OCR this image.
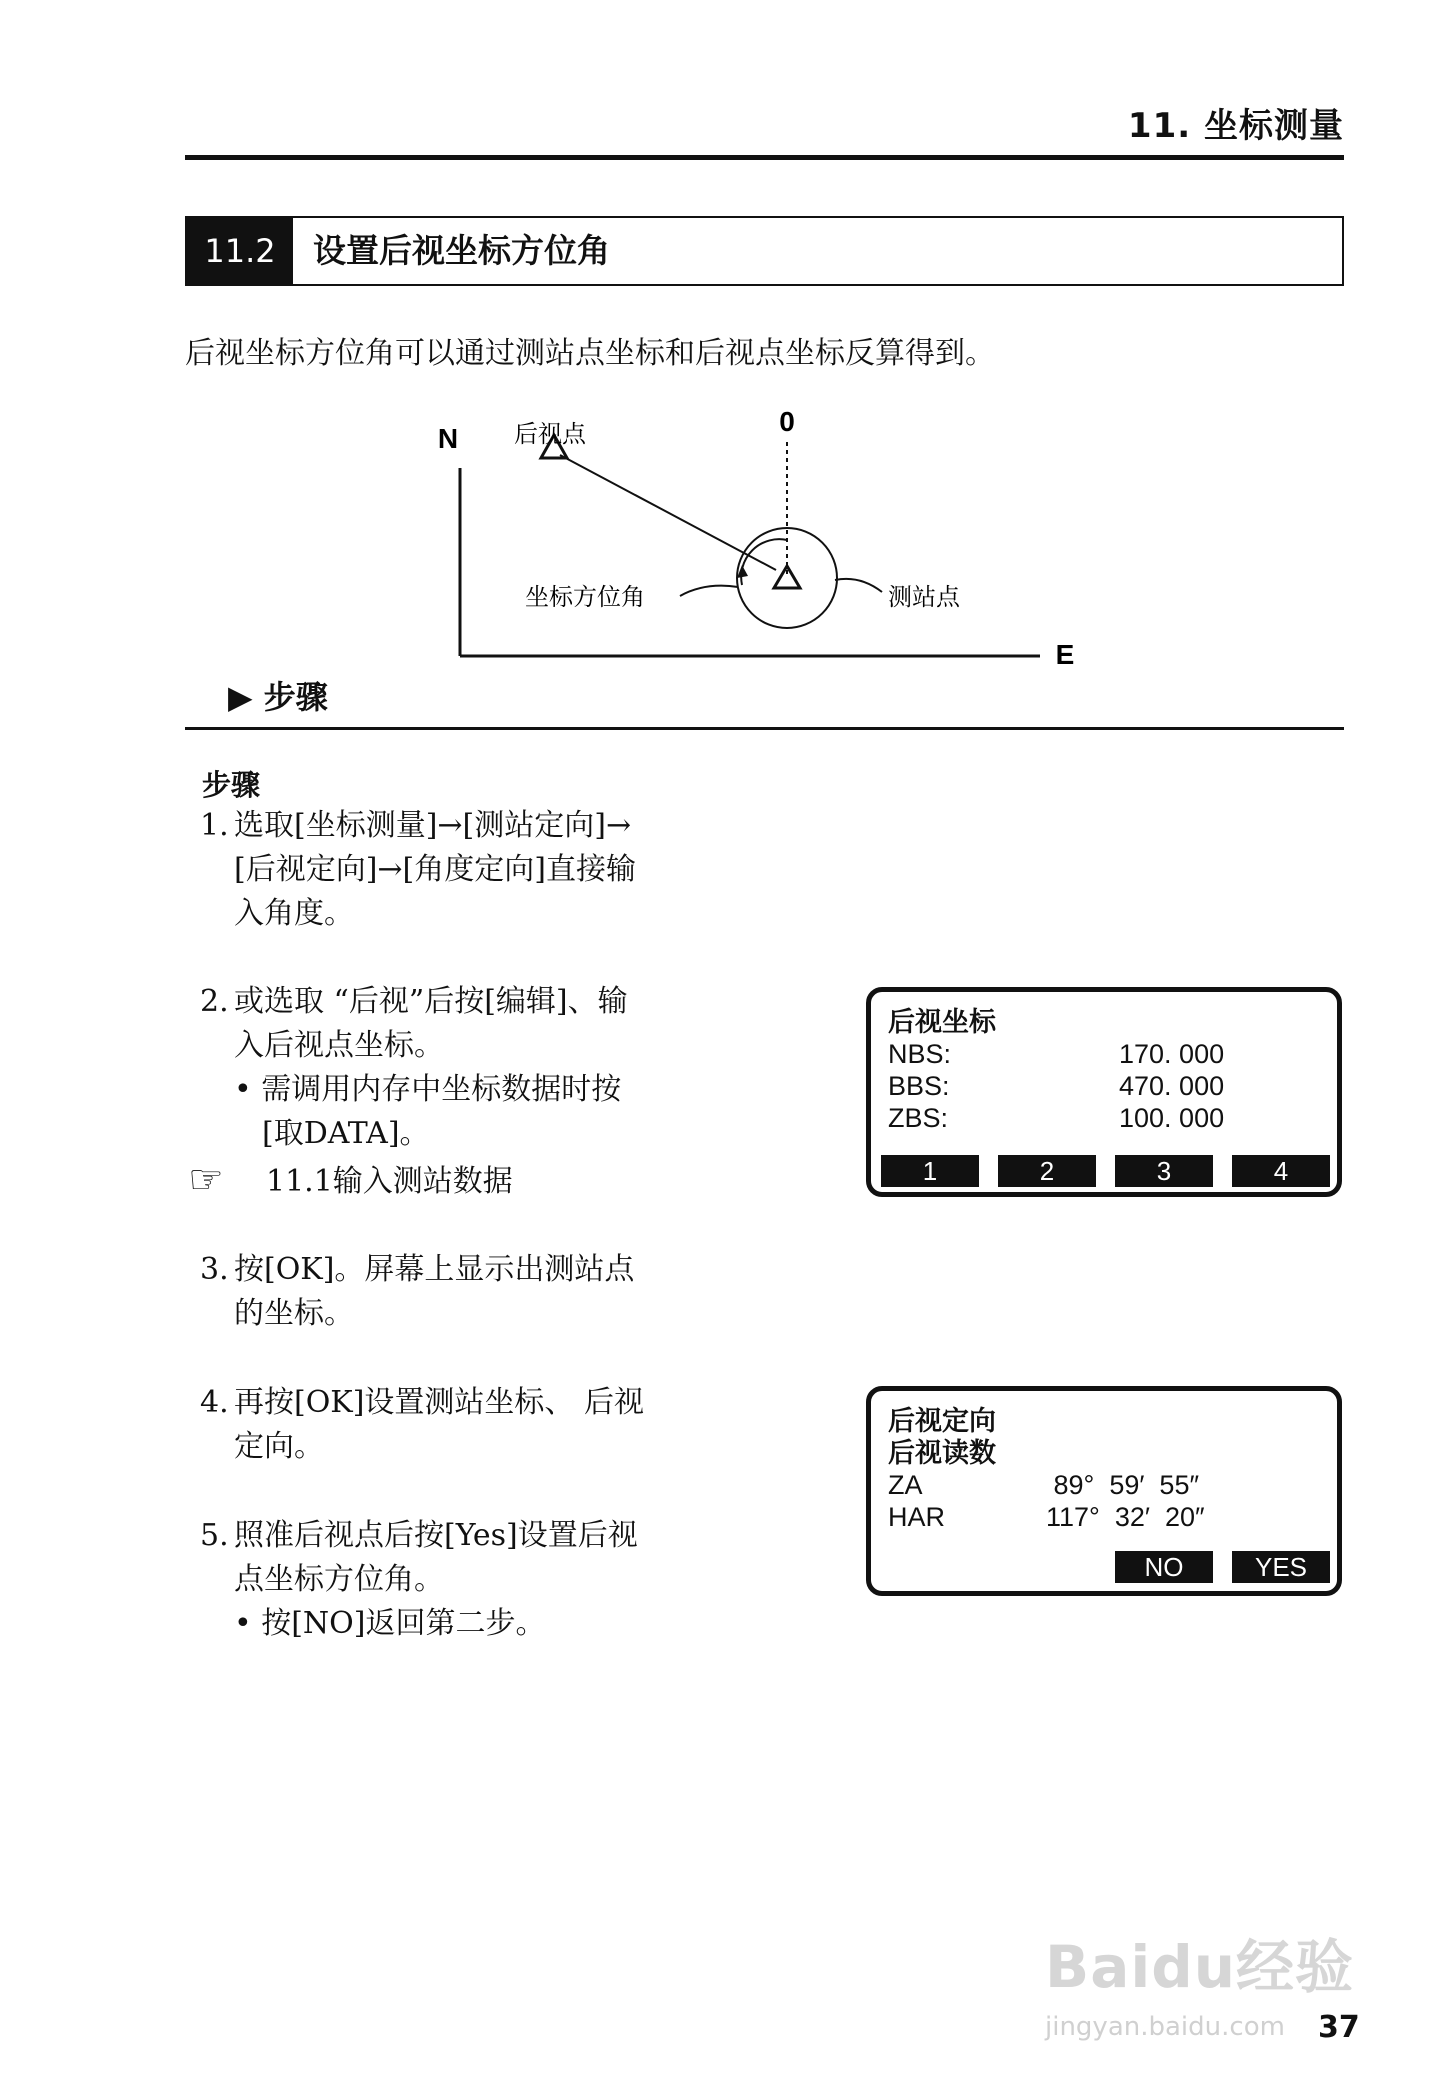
11. 坐标测量
11.2	设置后视坐标方位角
后视坐标方位角可以通过测站点坐标和后视点坐标反算得到。
N
E
0
后视点
坐标方位角	测站点
▶ 步骤
步骤
1. 选取[坐标测量]→[测站定向]→
[后视定向]→[角度定向]直接输
入角度。
2. 或选取 “后视”后按[编辑]、输
入后视点坐标。
• 需调用内存中坐标数据时按
[取DATA]。
☞ 11.1输入测站数据
3. 按[OK]。屏幕上显示出测站点
的坐标。
4. 再按[OK]设置测站坐标、 后视
定向。
5. 照准后视点后按[Yes]设置后视
点坐标方位角。
• 按[NO]返回第二步。
后视坐标
NBS:	170. 000
BBS:	470. 000
ZBS:	100. 000
1	2	3	4
后视定向
后视读数
ZA	89°  59′  55″
HAR	117°  32′  20″
NO	YES
Baidu经验
jingyan.baidu.com 37
